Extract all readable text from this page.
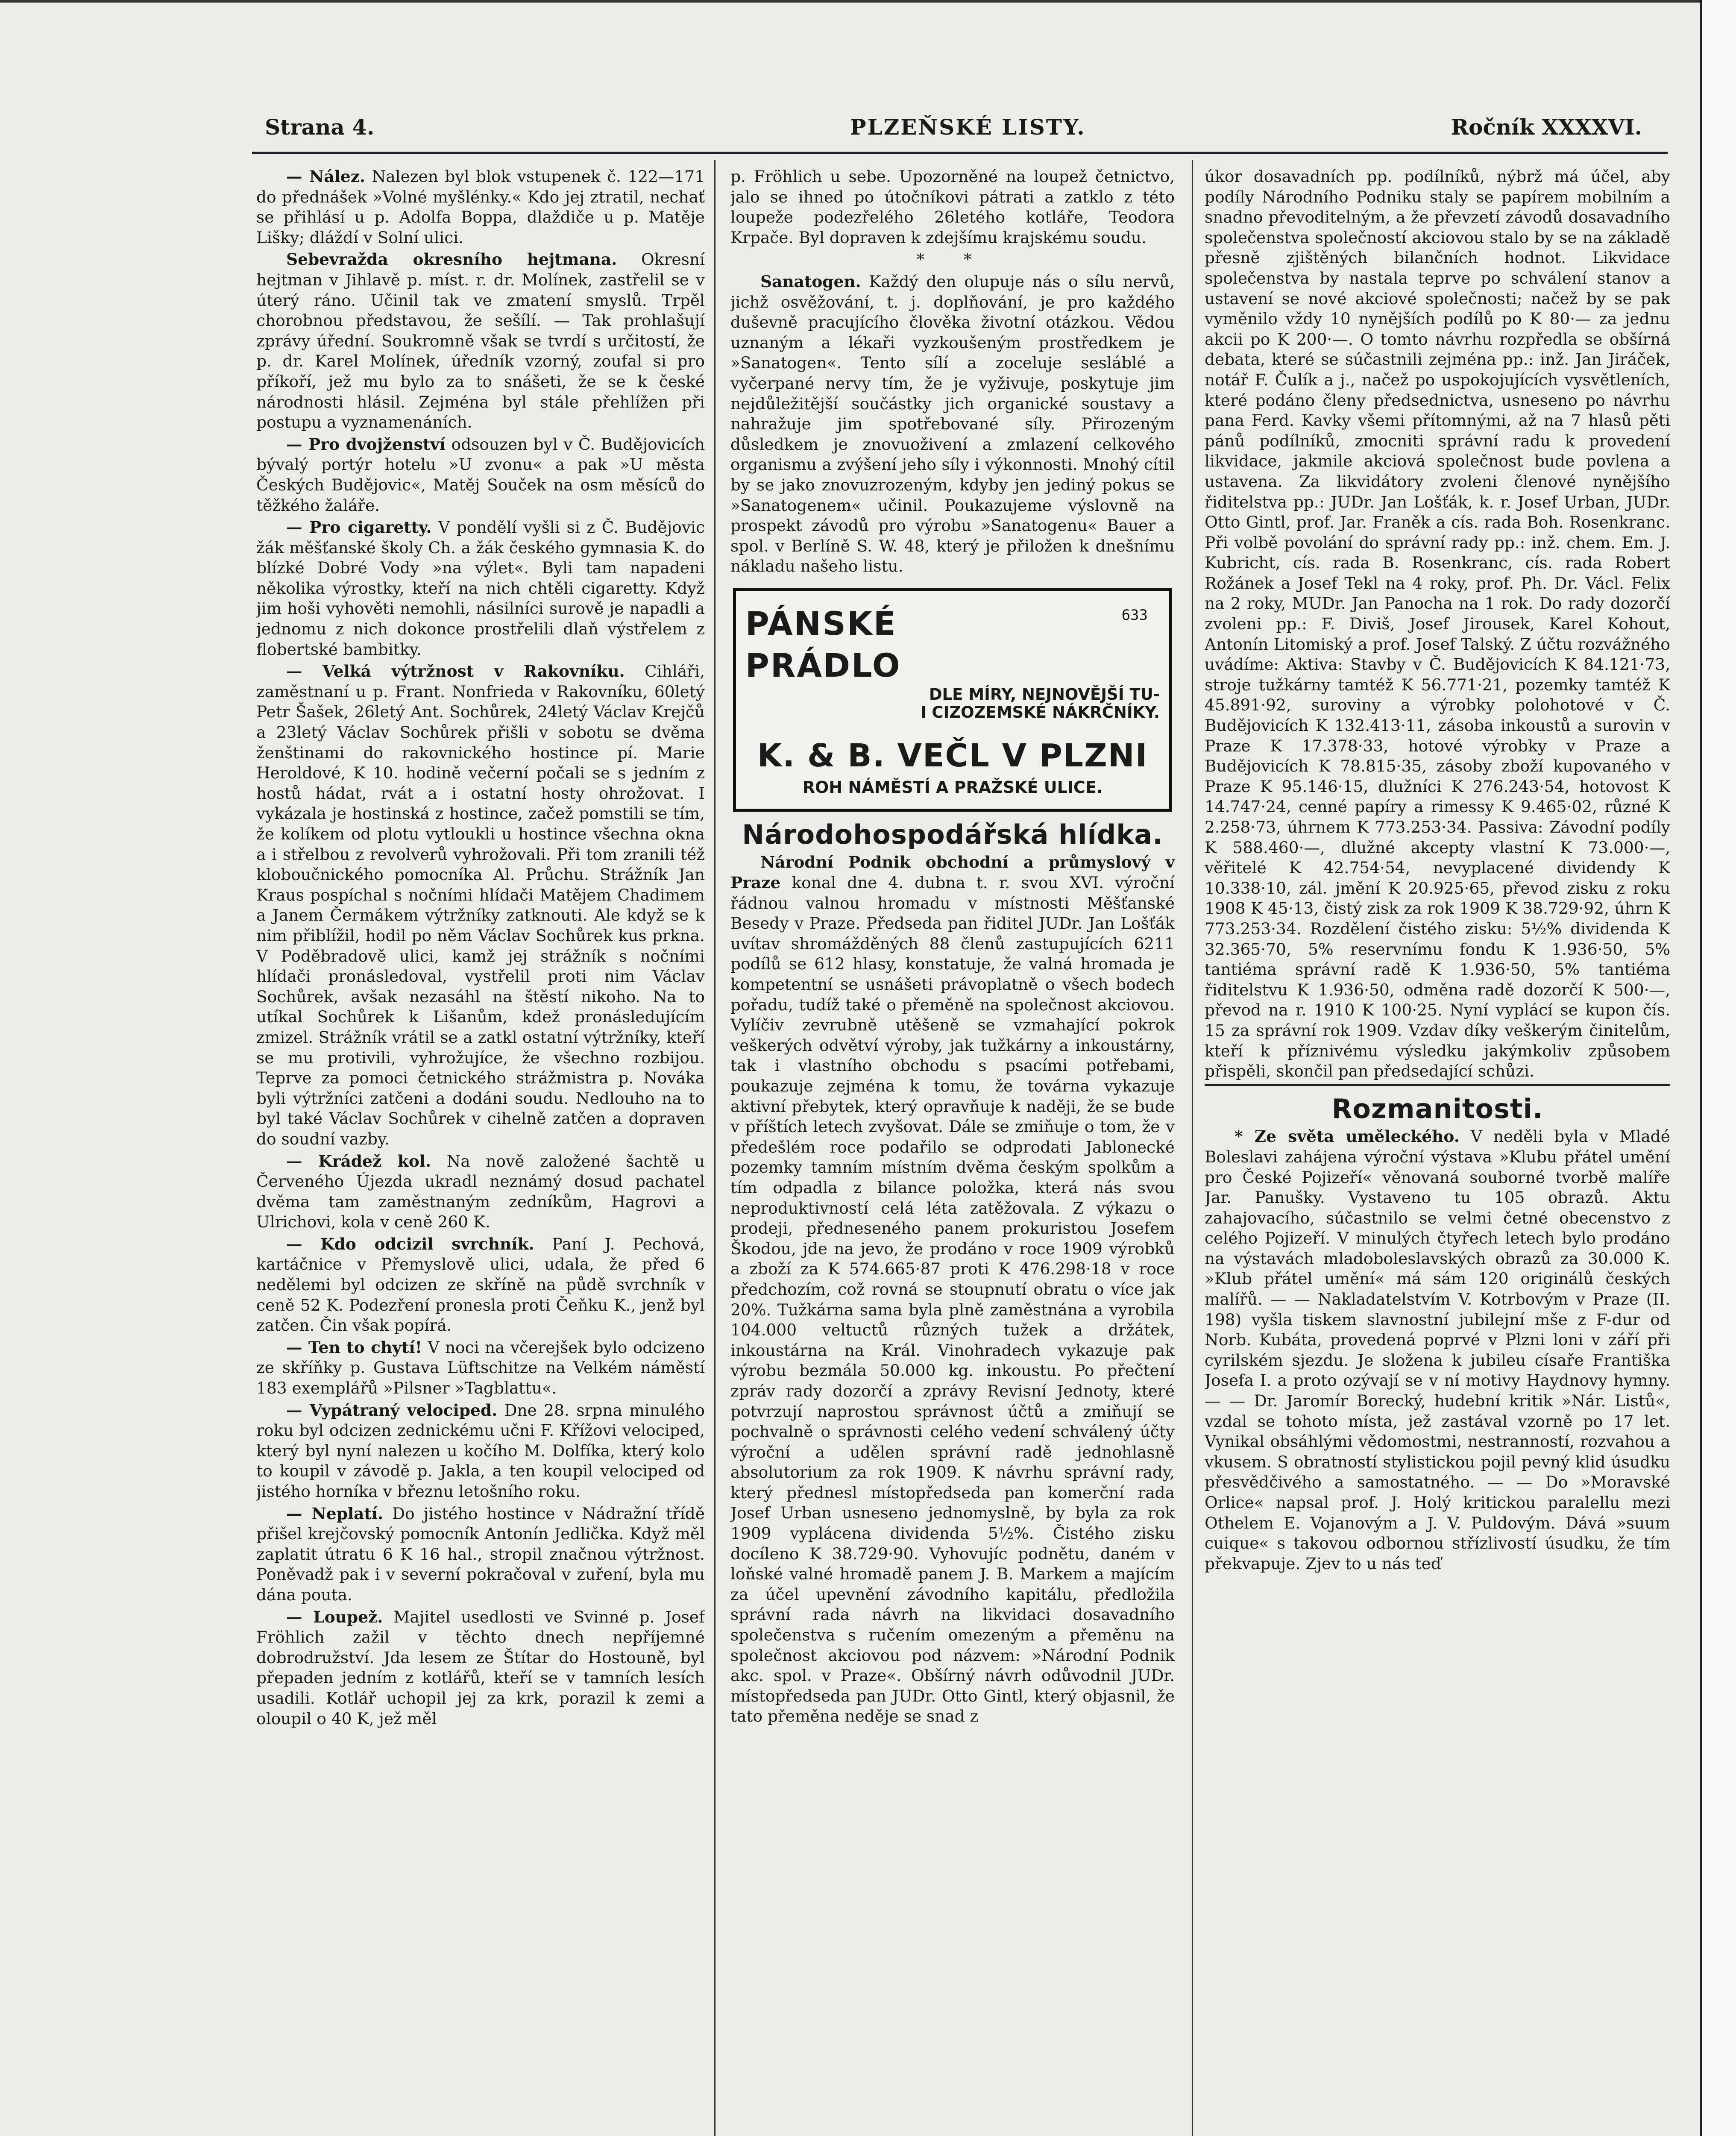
Strana 4.	PLZEŇSKÉ LISTY.	Ročník XXXXVI.

— Nález. Nalezen byl blok vstupenek č. 122—171 do přednášek »Volné myšlénky.« Kdo jej ztratil, nechať se přihlásí u p. Adolfa Boppa, dlaždiče u p. Matěje Lišky; dláždí v Solní ulici.

Sebevražda okresního hejtmana. Okresní hejtman v Jihlavě p. míst. r. dr. Molínek, zastřelil se v úterý ráno. Učinil tak ve zmatení smyslů. Trpěl chorobnou představou, že sešílí. — Tak prohlašují zprávy úřední. Soukromně však se tvrdí s určitostí, že p. dr. Karel Molínek, úředník vzorný, zoufal si pro příkoří, jež mu bylo za to snášeti, že se k české národnosti hlásil. Zejména byl stále přehlížen při postupu a vyznamenáních.

— Pro dvojženství odsouzen byl v Č. Budějovicích bývalý portýr hotelu »U zvonu« a pak »U města Českých Budějovic«, Matěj Souček na osm měsíců do těžkého žaláře.

— Pro cigaretty. V pondělí vyšli si z Č. Budějovic žák měšťanské školy Ch. a žák českého gymnasia K. do blízké Dobré Vody »na výlet«. Byli tam napadeni několika výrostky, kteří na nich chtěli cigaretty. Když jim hoši vyhověti nemohli, násilníci surově je napadli a jednomu z nich dokonce prostřelili dlaň výstřelem z flobertské bambitky.

— Velká výtržnost v Rakovníku. Cihláři, zaměstnaní u p. Frant. Nonfrieda v Rakovníku, 60letý Petr Šašek, 26letý Ant. Sochůrek, 24letý Václav Krejčů a 23letý Václav Sochůrek přišli v sobotu se dvěma ženštinami do rakovnického hostince pí. Marie Heroldové, K 10. hodině večerní počali se s jedním z hostů hádat, rvát a i ostatní hosty ohrožovat. I vykázala je hostinská z hostince, začež pomstili se tím, že kolíkem od plotu vytloukli u hostince všechna okna a i střelbou z revolverů vyhrožovali. Při tom zranili též kloboučnického pomocníka Al. Průchu. Strážník Jan Kraus pospíchal s nočními hlídači Matějem Chadimem a Janem Čermákem výtržníky zatknouti. Ale když se k nim přiblížil, hodil po něm Václav Sochůrek kus prkna. V Poděbradově ulici, kamž jej strážník s nočními hlídači pronásledoval, vystřelil proti nim Václav Sochůrek, avšak nezasáhl na štěstí nikoho. Na to utíkal Sochůrek k Lišanům, kdež pronásledujícím zmizel. Strážník vrátil se a zatkl ostatní výtržníky, kteří se mu protivili, vyhrožujíce, že všechno rozbijou. Teprve za pomoci četnického strážmistra p. Nováka byli výtržníci zatčeni a dodáni soudu. Nedlouho na to byl také Václav Sochůrek v cihelně zatčen a dopraven do soudní vazby.

— Krádež kol. Na nově založené šachtě u Červeného Újezda ukradl neznámý dosud pachatel dvěma tam zaměstnaným zedníkům, Hagrovi a Ulrichovi, kola v ceně 260 K.

— Kdo odcizil svrchník. Paní J. Pechová, kartáčnice v Přemyslově ulici, udala, že před 6 nedělemi byl odcizen ze skříně na půdě svrchník v ceně 52 K. Podezření pronesla proti Čeňku K., jenž byl zatčen. Čin však popírá.

— Ten to chytí! V noci na včerejšek bylo odcizeno ze skříňky p. Gustava Lüftschitze na Velkém náměstí 183 exemplářů »Pilsner »Tagblattu«.

— Vypátraný velociped. Dne 28. srpna minulého roku byl odcizen zednickému učni F. Křížovi velociped, který byl nyní nalezen u kočího M. Dolfíka, který kolo to koupil v závodě p. Jakla, a ten koupil velociped od jistého horníka v březnu letošního roku.

— Neplatí. Do jistého hostince v Nádražní třídě přišel krejčovský pomocník Antonín Jedlička. Když měl zaplatit útratu 6 K 16 hal., stropil značnou výtržnost. Poněvadž pak i v severní pokračoval v zuření, byla mu dána pouta.

— Loupež. Majitel usedlosti ve Svinné p. Josef Fröhlich zažil v těchto dnech nepříjemné dobrodružství. Jda lesem ze Štítar do Hostouně, byl přepaden jedním z kotlářů, kteří se v tamních lesích usadili. Kotlář uchopil jej za krk, porazil k zemi a oloupil o 40 K, jež měl

p. Fröhlich u sebe. Upozorněné na loupež četnictvo, jalo se ihned po útočníkovi pátrati a zatklo z této loupeže podezřelého 26letého kotláře, Teodora Krpače. Byl dopraven k zdejšímu krajskému soudu.

* *

Sanatogen. Každý den olupuje nás o sílu nervů, jichž osvěžování, t. j. doplňování, je pro každého duševně pracujícího člověka životní otázkou. Vědou uznaným a lékaři vyzkoušeným prostředkem je »Sanatogen«. Tento sílí a zoceluje sesláblé a vyčerpané nervy tím, že je vyživuje, poskytuje jim nejdůležitější součástky jich organické soustavy a nahražuje jim spotřebované síly. Přirozeným důsledkem je znovuoživení a zmlazení celkového organismu a zvýšení jeho síly i výkonnosti. Mnohý cítil by se jako znovuzrozeným, kdyby jen jediný pokus se »Sanatogenem« učinil. Poukazujeme výslovně na prospekt závodů pro výrobu »Sanatogenu« Bauer a spol. v Berlíně S. W. 48, který je přiložen k dnešnímu nákladu našeho listu.

PÁNSKÉ
PRÁDLO
633
DLE MÍRY, NEJNOVĚJŠÍ TU-
I CIZOZEMSKÉ NÁKRČNÍKY.
K. & B. VEČL V PLZNI
ROH NÁMĚSTÍ A PRAŽSKÉ ULICE.
Národohospodářská hlídka.

Národní Podnik obchodní a průmyslový v Praze konal dne 4. dubna t. r. svou XVI. výroční řádnou valnou hromadu v místnosti Měšťanské Besedy v Praze. Předseda pan řiditel JUDr. Jan Lošťák uvítav shromážděných 88 členů zastupujících 6211 podílů se 612 hlasy, konstatuje, že valná hromada je kompetentní se usnášeti právoplatně o všech bodech pořadu, tudíž také o přeměně na společnost akciovou. Vylíčiv zevrubně utěšeně se vzmahající pokrok veškerých odvětví výroby, jak tužkárny a inkoustárny, tak i vlastního obchodu s psacími potřebami, poukazuje zejména k tomu, že továrna vykazuje aktivní přebytek, který opravňuje k naději, že se bude v příštích letech zvyšovat. Dále se zmiňuje o tom, že v předešlém roce podařilo se odprodati Jablonecké pozemky tamním místním dvěma českým spolkům a tím odpadla z bilance položka, která nás svou neproduktivností celá léta zatěžovala. Z výkazu o prodeji, předneseného panem prokuristou Josefem Škodou, jde na jevo, že prodáno v roce 1909 výrobků a zboží za K 574.665·87 proti K 476.298·18 v roce předchozím, což rovná se stoupnutí obratu o více jak 20%. Tužkárna sama byla plně zaměstnána a vyrobila 104.000 veltuctů různých tužek a držátek, inkoustárna na Král. Vinohradech vykazuje pak výrobu bezmála 50.000 kg. inkoustu. Po přečtení zpráv rady dozorčí a zprávy Revisní Jednoty, které potvrzují naprostou správnost účtů a zmiňují se pochvalně o správnosti celého vedení schválený účty výroční a udělen správní radě jednohlasně absolutorium za rok 1909. K návrhu správní rady, který přednesl místopředseda pan komerční rada Josef Urban usneseno jednomyslně, by byla za rok 1909 vyplácena dividenda 5½%. Čistého zisku docíleno K 38.729·90. Vyhovujíc podnětu, daném v loňské valné hromadě panem J. B. Markem a majícím za účel upevnění závodního kapitálu, předložila správní rada návrh na likvidaci dosavadního společenstva s ručením omezeným a přeměnu na společnost akciovou pod názvem: »Národní Podnik akc. spol. v Praze«. Obšírný návrh odůvodnil JUDr. místopředseda pan JUDr. Otto Gintl, který objasnil, že tato přeměna neděje se snad z

úkor dosavadních pp. podílníků, nýbrž má účel, aby podíly Národního Podniku staly se papírem mobilním a snadno převoditelným, a že převzetí závodů dosavadního společenstva společností akciovou stalo by se na základě přesně zjištěných bilančních hodnot. Likvidace společenstva by nastala teprve po schválení stanov a ustavení se nové akciové společnosti; načež by se pak vyměnilo vždy 10 nynějších podílů po K 80·— za jednu akcii po K 200·—. O tomto návrhu rozpředla se obšírná debata, které se súčastnili zejména pp.: inž. Jan Jiráček, notář F. Čulík a j., načež po uspokojujících vysvětleních, které podáno členy předsednictva, usneseno po návrhu pana Ferd. Kavky všemi přítomnými, až na 7 hlasů pěti pánů podílníků, zmocniti správní radu k provedení likvidace, jakmile akciová společnost bude povlena a ustavena. Za likvidátory zvoleni členové nynějšího řiditelstva pp.: JUDr. Jan Lošťák, k. r. Josef Urban, JUDr. Otto Gintl, prof. Jar. Franěk a cís. rada Boh. Rosenkranc. Při volbě povolání do správní rady pp.: inž. chem. Em. J. Kubricht, cís. rada B. Rosenkranc, cís. rada Robert Rožánek a Josef Tekl na 4 roky, prof. Ph. Dr. Václ. Felix na 2 roky, MUDr. Jan Panocha na 1 rok. Do rady dozorčí zvoleni pp.: F. Diviš, Josef Jirousek, Karel Kohout, Antonín Litomiský a prof. Josef Talský. Z účtu rozvážného uvádíme: Aktiva: Stavby v Č. Budějovicích K 84.121·73, stroje tužkárny tamtéž K 56.771·21, pozemky tamtéž K 45.891·92, suroviny a výrobky polohotové v Č. Budějovicích K 132.413·11, zásoba inkoustů a surovin v Praze K 17.378·33, hotové výrobky v Praze a Budějovicích K 78.815·35, zásoby zboží kupovaného v Praze K 95.146·15, dlužníci K 276.243·54, hotovost K 14.747·24, cenné papíry a rimessy K 9.465·02, různé K 2.258·73, úhrnem K 773.253·34. Passiva: Závodní podíly K 588.460·—, dlužné akcepty vlastní K 73.000·—, věřitelé K 42.754·54, nevyplacené dividendy K 10.338·10, zál. jmění K 20.925·65, převod zisku z roku 1908 K 45·13, čistý zisk za rok 1909 K 38.729·92, úhrn K 773.253·34. Rozdělení čistého zisku: 5½% dividenda K 32.365·70, 5% reservnímu fondu K 1.936·50, 5% tantiéma správní radě K 1.936·50, 5% tantiéma řiditelstvu K 1.936·50, odměna radě dozorčí K 500·—, převod na r. 1910 K 100·25. Nyní vyplácí se kupon čís. 15 za správní rok 1909. Vzdav díky veškerým činitelům, kteří k příznivému výsledku jakýmkoliv způsobem přispěli, skončil pan předsedající schůzi.

Rozmanitosti.

* Ze světa uměleckého. V neděli byla v Mladé Boleslavi zahájena výroční výstava »Klubu přátel umění pro České Pojizeří« věnovaná souborné tvorbě malíře Jar. Panušky. Vystaveno tu 105 obrazů. Aktu zahajovacího, súčastnilo se velmi četné obecenstvo z celého Pojizeří. V minulých čtyřech letech bylo prodáno na výstavách mladoboleslavských obrazů za 30.000 K. »Klub přátel umění« má sám 120 originálů českých malířů. — — Nakladatelstvím V. Kotrbovým v Praze (II. 198) vyšla tiskem slavnostní jubilejní mše z F-dur od Norb. Kubáta, provedená poprvé v Plzni loni v září při cyrilském sjezdu. Je složena k jubileu císaře Františka Josefa I. a proto ozývají se v ní motivy Haydnovy hymny. — — Dr. Jaromír Borecký, hudební kritik »Nár. Listů«, vzdal se tohoto místa, jež zastával vzorně po 17 let. Vynikal obsáhlými vědomostmi, nestranností, rozvahou a vkusem. S obratností stylistickou pojil pevný klid úsudku přesvědčivého a samostatného. — — Do »Moravské Orlice« napsal prof. J. Holý kritickou paralellu mezi Othelem E. Vojanovým a J. V. Puldovým. Dává »suum cuique« s takovou odbornou střízlivostí úsudku, že tím překvapuje. Zjev to u nás teď
